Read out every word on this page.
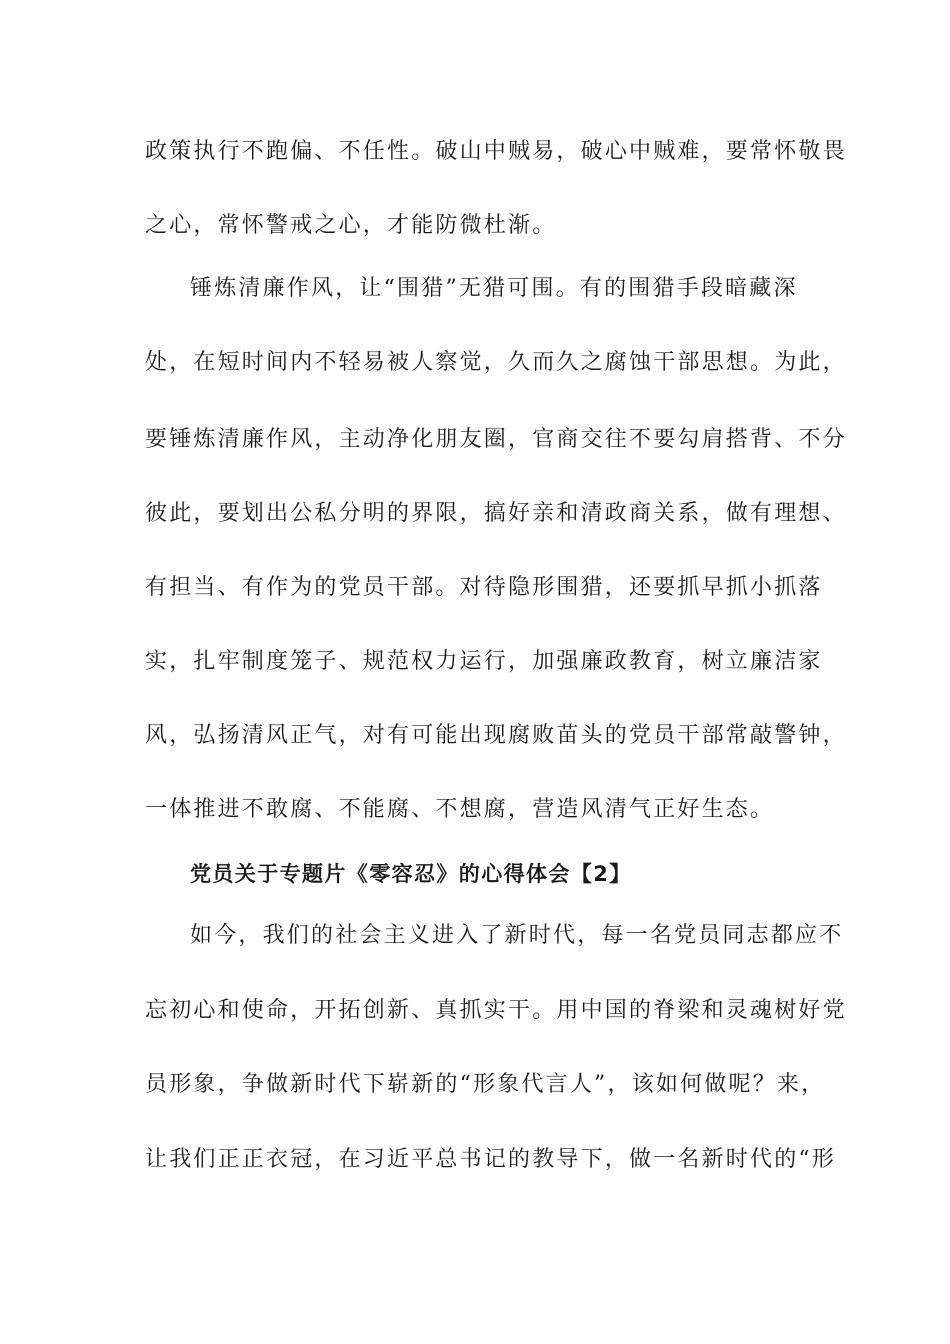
政策执行不跑偏、不任性。破山中贼易，破心中贼难，要常怀敬畏
之心，常怀警戒之心，才能防微杜渐。
锤炼清廉作风，让“围猎”无猎可围。有的围猎手段暗藏深
处，在短时间内不轻易被人察觉，久而久之腐蚀干部思想。为此，
要锤炼清廉作风，主动净化朋友圈，官商交往不要勾肩搭背、不分
彼此，要划出公私分明的界限，搞好亲和清政商关系，做有理想、
有担当、有作为的党员干部。对待隐形围猎，还要抓早抓小抓落
实，扎牢制度笼子、规范权力运行，加强廉政教育，树立廉洁家
风，弘扬清风正气，对有可能出现腐败苗头的党员干部常敲警钟，
一体推进不敢腐、不能腐、不想腐，营造风清气正好生态。
党员关于专题片《零容忍》的心得体会【2】
如今，我们的社会主义进入了新时代，每一名党员同志都应不
忘初心和使命，开拓创新、真抓实干。用中国的脊梁和灵魂树好党
员形象，争做新时代下崭新的“形象代言人”，该如何做呢？来，
让我们正正衣冠，在习近平总书记的教导下，做一名新时代的“形
